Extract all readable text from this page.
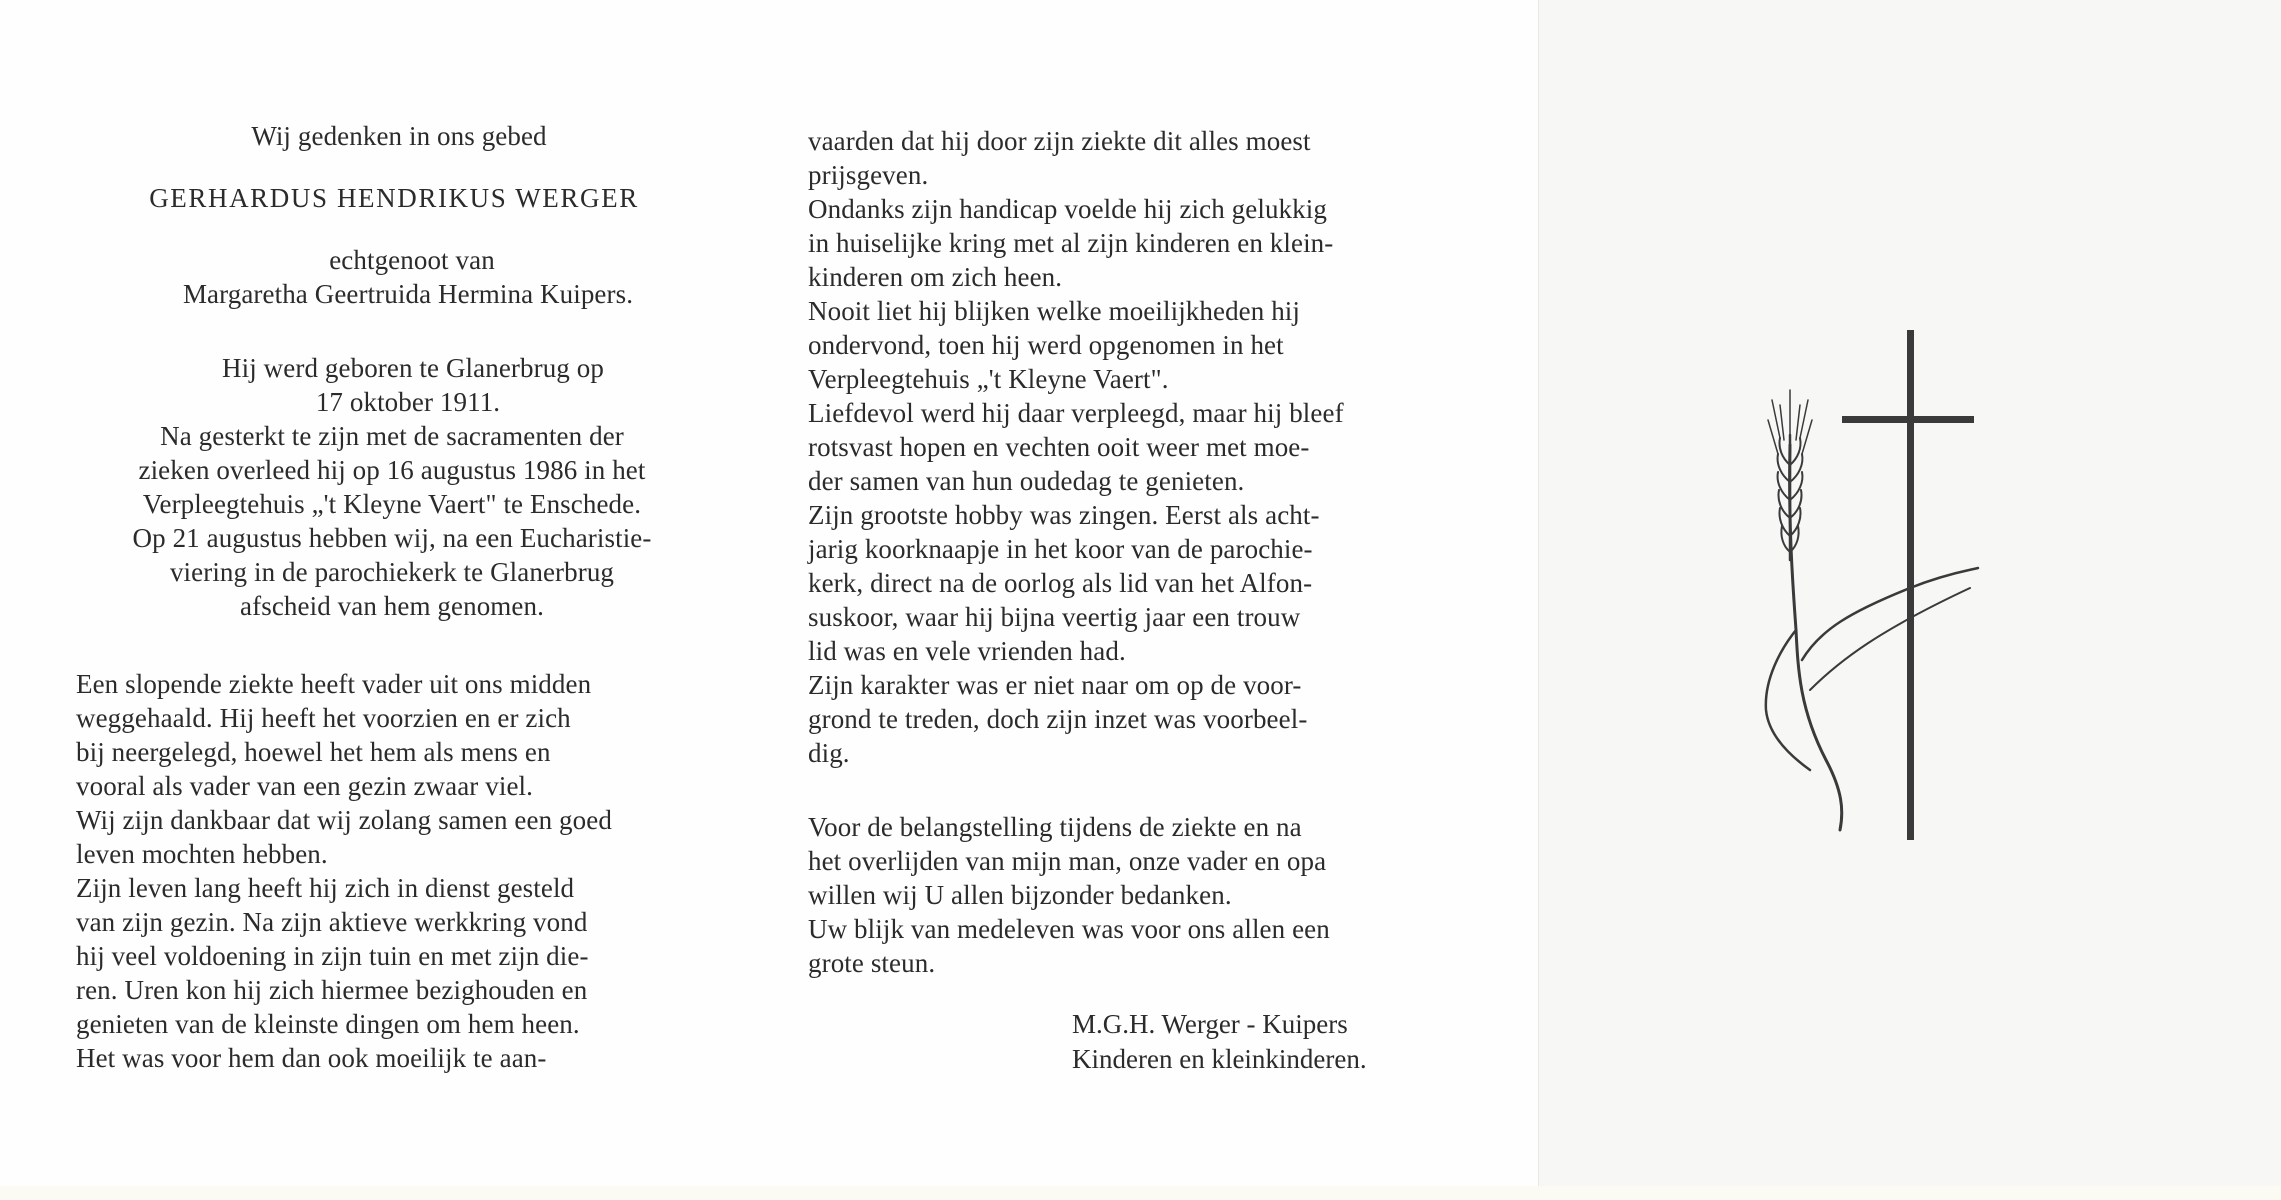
Wij gedenken in ons gebed

GERHARDUS HENDRIKUS WERGER

echtgenoot van

Margaretha Geertruida Hermina Kuipers.

Hij werd geboren te Glanerbrug op

17 oktober 1911.

Na gesterkt te zijn met de sacramenten der

zieken overleed hij op 16 augustus 1986 in het

Verpleegtehuis „'t Kleyne Vaert" te Enschede.

Op 21 augustus hebben wij, na een Eucharistie-

viering in de parochiekerk te Glanerbrug

afscheid van hem genomen.

Een slopende ziekte heeft vader uit ons midden

weggehaald. Hij heeft het voorzien en er zich

bij neergelegd, hoewel het hem als mens en

vooral als vader van een gezin zwaar viel.

Wij zijn dankbaar dat wij zolang samen een goed

leven mochten hebben.

Zijn leven lang heeft hij zich in dienst gesteld

van zijn gezin. Na zijn aktieve werkkring vond

hij veel voldoening in zijn tuin en met zijn die-

ren. Uren kon hij zich hiermee bezighouden en

genieten van de kleinste dingen om hem heen.

Het was voor hem dan ook moeilijk te aan-

vaarden dat hij door zijn ziekte dit alles moest

prijsgeven.

Ondanks zijn handicap voelde hij zich gelukkig

in huiselijke kring met al zijn kinderen en klein-

kinderen om zich heen.

Nooit liet hij blijken welke moeilijkheden hij

ondervond, toen hij werd opgenomen in het

Verpleegtehuis „'t Kleyne Vaert".

Liefdevol werd hij daar verpleegd, maar hij bleef

rotsvast hopen en vechten ooit weer met moe-

der samen van hun oudedag te genieten.

Zijn grootste hobby was zingen. Eerst als acht-

jarig koorknaapje in het koor van de parochie-

kerk, direct na de oorlog als lid van het Alfon-

suskoor, waar hij bijna veertig jaar een trouw

lid was en vele vrienden had.

Zijn karakter was er niet naar om op de voor-

grond te treden, doch zijn inzet was voorbeel-

dig.

Voor de belangstelling tijdens de ziekte en na

het overlijden van mijn man, onze vader en opa

willen wij U allen bijzonder bedanken.

Uw blijk van medeleven was voor ons allen een

grote steun.

M.G.H. Werger - Kuipers

Kinderen en kleinkinderen.
